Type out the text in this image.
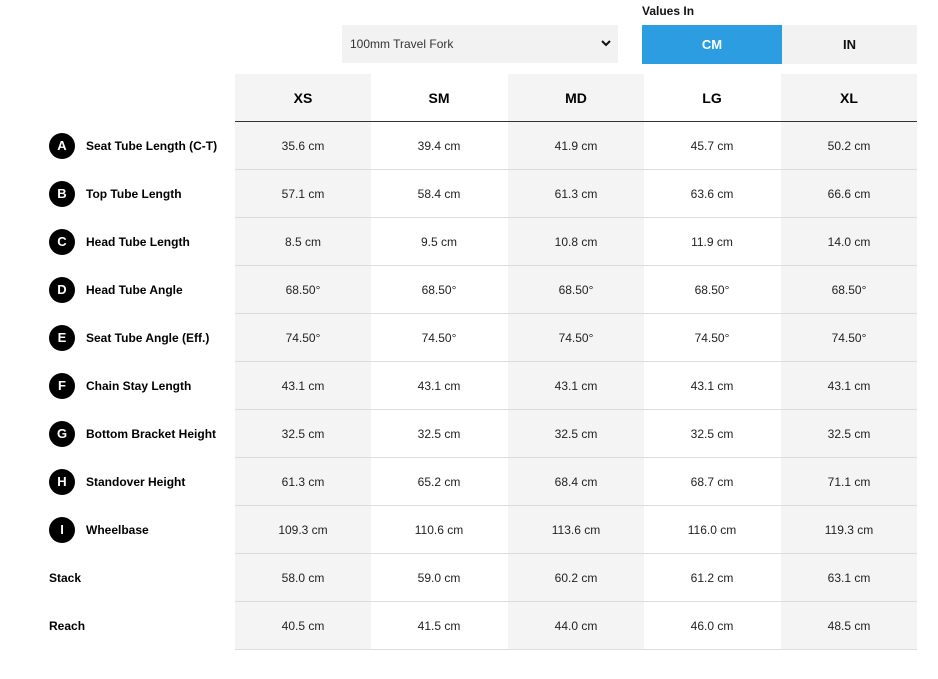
Values In
100mm Travel Fork	CM	IN
XS	SM	MD	LG	XL
A	Seat Tube Length (C-T)	35.6 cm	39.4 cm	41.9 cm	45.7 cm	50.2 cm
B	Top Tube Length	57.1 cm	58.4 cm	61.3 cm	63.6 cm	66.6 cm
C	Head Tube Length	8.5 cm	9.5 cm	10.8 cm	11.9 cm	14.0 cm
D	Head Tube Angle	68.50°	68.50°	68.50°	68.50°	68.50°
E	Seat Tube Angle (Eff.)	74.50°	74.50°	74.50°	74.50°	74.50°
F	Chain Stay Length	43.1 cm	43.1 cm	43.1 cm	43.1 cm	43.1 cm
G	Bottom Bracket Height	32.5 cm	32.5 cm	32.5 cm	32.5 cm	32.5 cm
H	Standover Height	61.3 cm	65.2 cm	68.4 cm	68.7 cm	71.1 cm
I	Wheelbase	109.3 cm	110.6 cm	113.6 cm	116.0 cm	119.3 cm
Stack	58.0 cm	59.0 cm	60.2 cm	61.2 cm	63.1 cm
Reach	40.5 cm	41.5 cm	44.0 cm	46.0 cm	48.5 cm
